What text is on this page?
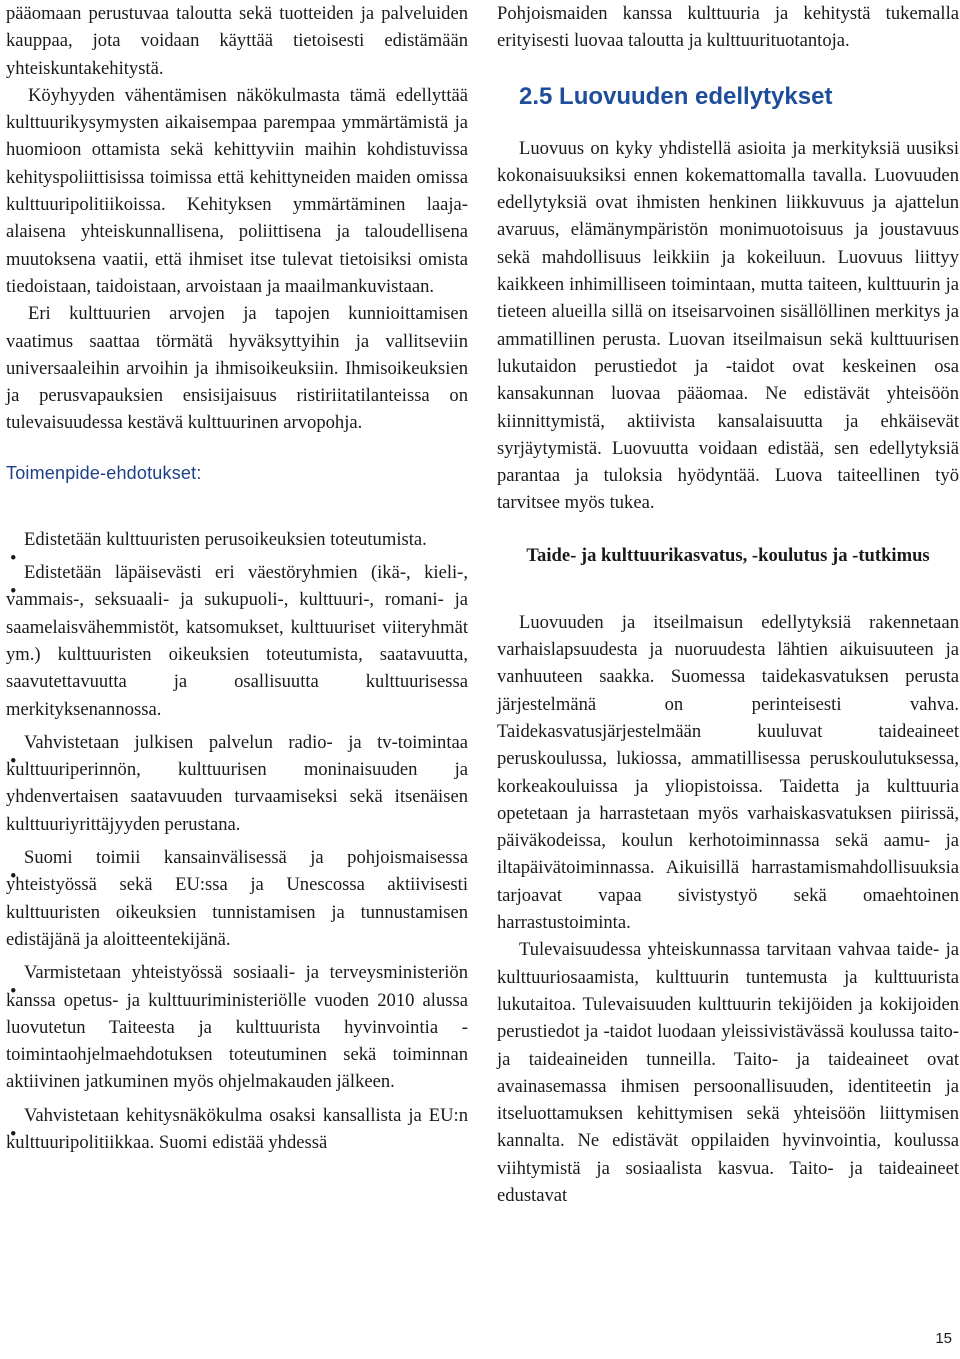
pääomaan perustuvaa taloutta sekä tuotteiden ja palveluiden kauppaa, jota voidaan käyttää tietoisesti edistämään yhteiskuntakehitystä.

Köyhyyden vähentämisen näkökulmasta tämä edellyttää kulttuurikysymysten aikaisempaa parempaa ymmärtämistä ja huomioon ottamista sekä kehittyviin maihin kohdistuvissa kehityspoliittisissa toimissa että kehittyneiden maiden omissa kulttuuripolitiikoissa. Kehityksen ymmärtäminen laaja-alaisena yhteiskunnallisena, poliittisena ja taloudellisena muutoksena vaatii, että ihmiset itse tulevat tietoisiksi omista tiedoistaan, taidoistaan, arvoistaan ja maailmankuvistaan.

Eri kulttuurien arvojen ja tapojen kunnioittamisen vaatimus saattaa törmätä hyväksyttyihin ja vallitseviin universaaleihin arvoihin ja ihmisoikeuksiin. Ihmisoikeuksien ja perusvapauksien ensisijaisuus ristiriitatilanteissa on tulevaisuudessa kestävä kulttuurinen arvopohja.

Toimenpide-ehdotukset:
Edistetään kulttuuristen perusoikeuksien toteutumista.
Edistetään läpäisevästi eri väestöryhmien (ikä-, kieli-, vammais-, seksuaali- ja sukupuoli-, kulttuuri-, romani- ja saamelaisvähemmistöt, katsomukset, kulttuuriset viiteryhmät ym.) kulttuuristen oikeuksien toteutumista, saatavuutta, saavutettavuutta ja osallisuutta kulttuurisessa merkityksenannossa.
Vahvistetaan julkisen palvelun radio- ja tv-toimintaa kulttuuriperinnön, kulttuurisen moninaisuuden ja yhdenvertaisen saatavuuden turvaamiseksi sekä itsenäisen kulttuuriyrittäjyyden perustana.
Suomi toimii kansainvälisessä ja pohjoismaisessa yhteistyössä sekä EU:ssa ja Unescossa aktiivisesti kulttuuristen oikeuksien tunnistamisen ja tunnustamisen edistäjänä ja aloitteentekijänä.
Varmistetaan yhteistyössä sosiaali- ja terveysministeriön kanssa opetus- ja kulttuuriministeriölle vuoden 2010 alussa luovutetun Taiteesta ja kulttuurista hyvinvointia -toimintaohjelmaehdotuksen toteutuminen sekä toiminnan aktiivinen jatkuminen myös ohjelmakauden jälkeen.
Vahvistetaan kehitysnäkökulma osaksi kansallista ja EU:n kulttuuripolitiikkaa. Suomi edistää yhdessä

Pohjoismaiden kanssa kulttuuria ja kehitystä tukemalla erityisesti luovaa taloutta ja kulttuurituotantoja.

2.5 Luovuuden edellytykset

Luovuus on kyky yhdistellä asioita ja merkityksiä uusiksi kokonaisuuksiksi ennen kokemattomalla tavalla. Luovuuden edellytyksiä ovat ihmisten henkinen liikkuvuus ja ajattelun avaruus, elämänympäristön monimuotoisuus ja joustavuus sekä mahdollisuus leikkiin ja kokeiluun. Luovuus liittyy kaikkeen inhimilliseen toimintaan, mutta taiteen, kulttuurin ja tieteen alueilla sillä on itseisarvoinen sisällöllinen merkitys ja ammatillinen perusta. Luovan itseilmaisun sekä kulttuurisen lukutaidon perustiedot ja -taidot ovat keskeinen osa kansakunnan luovaa pääomaa. Ne edistävät yhteisöön kiinnittymistä, aktiivista kansalaisuutta ja ehkäisevät syrjäytymistä. Luovuutta voidaan edistää, sen edellytyksiä parantaa ja tuloksia hyödyntää. Luova taiteellinen työ tarvitsee myös tukea.

Taide- ja kulttuurikasvatus, -koulutus ja -tutkimus

Luovuuden ja itseilmaisun edellytyksiä rakennetaan varhaislapsuudesta ja nuoruudesta lähtien aikuisuuteen ja vanhuuteen saakka. Suomessa taidekasvatuksen perusta järjestelmänä on perinteisesti vahva. Taidekasvatusjärjestelmään kuuluvat taideaineet peruskoulussa, lukiossa, ammatillisessa peruskoulutuksessa, korkeakouluissa ja yliopistoissa. Taidetta ja kulttuuria opetetaan ja harrastetaan myös varhaiskasvatuksen piirissä, päiväkodeissa, koulun kerhotoiminnassa sekä aamu- ja iltapäivätoiminnassa. Aikuisillä harrastamismahdollisuuksia tarjoavat vapaa sivistystyö sekä omaehtoinen harrastustoiminta.

Tulevaisuudessa yhteiskunnassa tarvitaan vahvaa taide- ja kulttuuriosaamista, kulttuurin tuntemusta ja kulttuurista lukutaitoa. Tulevaisuuden kulttuurin tekijöiden ja kokijoiden perustiedot ja -taidot luodaan yleissivistävässä koulussa taito- ja taideaineiden tunneilla. Taito- ja taideaineet ovat avainasemassa ihmisen persoonallisuuden, identiteetin ja itseluottamuksen kehittymisen sekä yhteisöön liittymisen kannalta. Ne edistävät oppilaiden hyvinvointia, koulussa viihtymistä ja sosiaalista kasvua. Taito- ja taideaineet edustavat

15
